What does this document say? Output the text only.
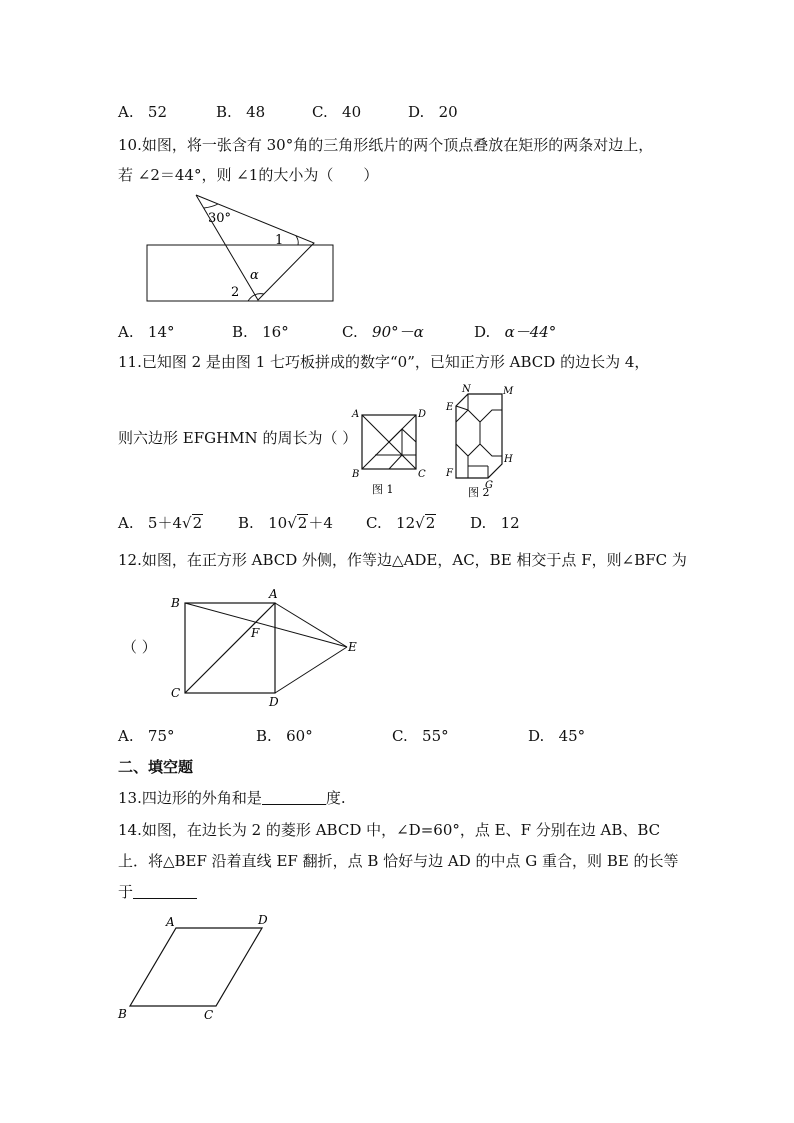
A. 52	B. 48	C. 40	D. 20
10.如图，将一张含有 30°角的三角形纸片的两个顶点叠放在矩形的两条对边上，
若 ∠2＝44°，则 ∠1的大小为（　　）
30°
1
2
α
A. 14°	B. 16°	C. 90°－α	D. α－44°
11.已知图 2 是由图 1 七巧板拼成的数字“0”，已知正方形 ABCD 的边长为 4，
则六边形 EFGHMN 的周长为（ ）
A	D
B	C
图 1
N	M
E
F
G
H
图 2
A. 5＋4√2 B. 10√2＋4 C. 12√2 D. 12
12.如图，在正方形 ABCD 外侧，作等边△ADE，AC，BE 相交于点 F，则∠BFC 为
（ ）
B
A
F
E
C
D
A. 75°	B. 60°	C. 55°	D. 45°
二、填空题
13.四边形的外角和是	度.
14.如图，在边长为 2 的菱形 ABCD 中，∠D=60°，点 E、F 分别在边 AB、BC
上．将△BEF 沿着直线 EF 翻折，点 B 恰好与边 AD 的中点 G 重合，则 BE 的长等
于
A	D
B	C
